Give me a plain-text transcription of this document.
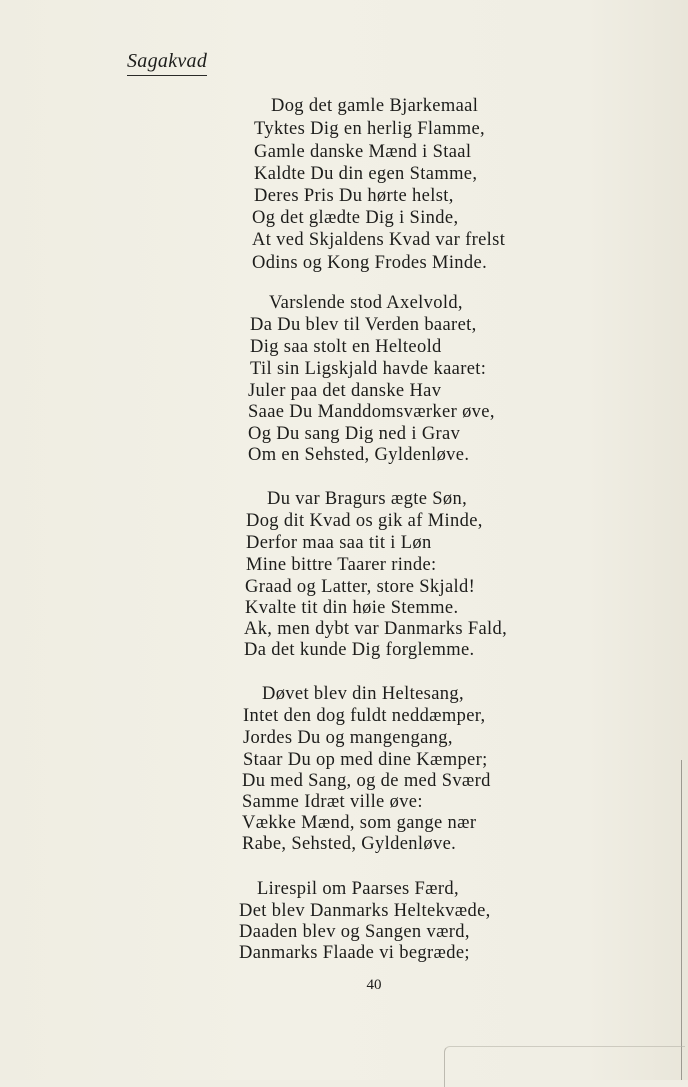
Sagakvad
Dog det gamle Bjarkemaal
Tyktes Dig en herlig Flamme,
Gamle danske Mænd i Staal
Kaldte Du din egen Stamme,
Deres Pris Du hørte helst,
Og det glædte Dig i Sinde,
At ved Skjaldens Kvad var frelst
Odins og Kong Frodes Minde.
Varslende stod Axelvold,
Da Du blev til Verden baaret,
Dig saa stolt en Helteold
Til sin Ligskjald havde kaaret:
Juler paa det danske Hav
Saae Du Manddomsværker øve,
Og Du sang Dig ned i Grav
Om en Sehsted, Gyldenløve.
Du var Bragurs ægte Søn,
Dog dit Kvad os gik af Minde,
Derfor maa saa tit i Løn
Mine bittre Taarer rinde:
Graad og Latter, store Skjald!
Kvalte tit din høie Stemme.
Ak, men dybt var Danmarks Fald,
Da det kunde Dig forglemme.
Døvet blev din Heltesang,
Intet den dog fuldt neddæmper,
Jordes Du og mangengang,
Staar Du op med dine Kæmper;
Du med Sang, og de med Sværd
Samme Idræt ville øve:
Vække Mænd, som gange nær
Rabe, Sehsted, Gyldenløve.
Lirespil om Paarses Færd,
Det blev Danmarks Heltekvæde,
Daaden blev og Sangen værd,
Danmarks Flaade vi begræde;
40
